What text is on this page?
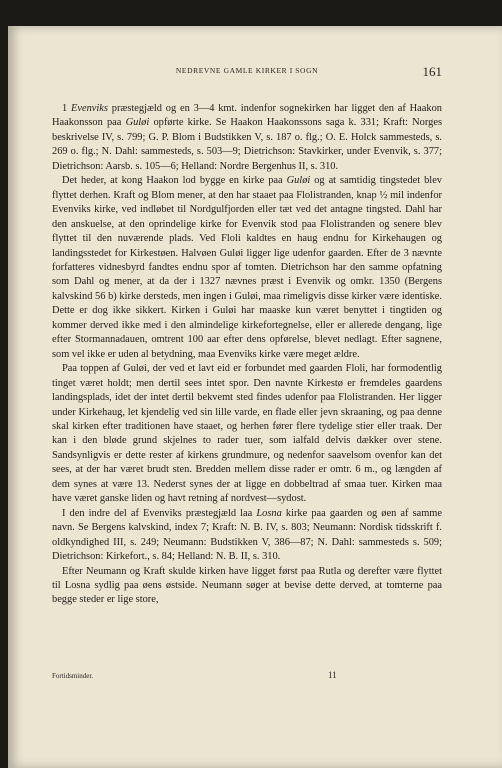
NEDREVNE GAMLE KIRKER I SOGN	161

1 Evenviks præstegjæld og en 3—4 kmt. indenfor sognekirken har ligget den af Haakon Haakonsson paa Guløi opførte kirke. Se Haakon Haakonssons saga k. 331; Kraft: Norges beskrivelse IV, s. 799; G. P. Blom i Budstikken V, s. 187 o. flg.; O. E. Holck sammesteds, s. 269 o. flg.; N. Dahl: sammesteds, s. 503—9; Dietrichson: Stavkirker, under Evenvik, s. 377; Dietrichson: Aarsb. s. 105—6; Helland: Nordre Bergenhus II, s. 310.

Det heder, at kong Haakon lod bygge en kirke paa Guløi og at samtidig tingstedet blev flyttet derhen. Kraft og Blom mener, at den har staaet paa Flolistranden, knap ½ mil indenfor Evenviks kirke, ved indløbet til Nordgulfjorden eller tæt ved det antagne tingsted. Dahl har den anskuelse, at den oprindelige kirke for Evenvik stod paa Flolistranden og senere blev flyttet til den nuværende plads. Ved Floli kaldtes en haug endnu for Kirkehaugen og landingsstedet for Kirkestøen. Halvøen Guløi ligger lige udenfor gaarden. Efter de 3 nævnte forfatteres vidnesbyrd fandtes endnu spor af tomten. Dietrichson har den samme opfatning som Dahl og mener, at da der i 1327 nævnes præst i Evenvik og omkr. 1350 (Bergens kalvskind 56 b) kirke dersteds, men ingen i Guløi, maa rimeligvis disse kirker være identiske. Dette er dog ikke sikkert. Kirken i Guløi har maaske kun været benyttet i tingtiden og kommer derved ikke med i den almindelige kirkefortegnelse, eller er allerede dengang, lige efter Stormannadauen, omtrent 100 aar efter dens opførelse, blevet nedlagt. Efter sagnene, som vel ikke er uden al betydning, maa Evenviks kirke være meget ældre.

Paa toppen af Guløi, der ved et lavt eid er forbundet med gaarden Floli, har formodentlig tinget været holdt; men dertil sees intet spor. Den navnte Kirkestø er fremdeles gaardens landingsplads, idet der intet dertil bekvemt sted findes udenfor paa Flolistranden. Her ligger under Kirkehaug, let kjendelig ved sin lille varde, en flade eller jevn skraaning, og paa denne skal kirken efter traditionen have staaet, og herhen fører flere tydelige stier eller traak. Der kan i den bløde grund skjelnes to rader tuer, som ialfald delvis dækker over stene. Sandsynligvis er dette rester af kirkens grundmure, og nedenfor saavelsom ovenfor kan det sees, at der har været brudt sten. Bredden mellem disse rader er omtr. 6 m., og længden af dem synes at være 13. Nederst synes der at ligge en dobbeltrad af smaa tuer. Kirken maa have været ganske liden og havt retning af nordvest—sydost.

I den indre del af Evenviks præstegjæld laa Losna kirke paa gaarden og øen af samme navn. Se Bergens kalvskind, index 7; Kraft: N. B. IV, s. 803; Neumann: Nordisk tidsskrift f. oldkyndighed III, s. 249; Neumann: Budstikken V, 386—87; N. Dahl: sammesteds s. 509; Dietrichson: Kirkefort., s. 84; Helland: N. B. II, s. 310.

Efter Neumann og Kraft skulde kirken have ligget først paa Rutla og derefter være flyttet til Losna sydlig paa øens østside. Neumann søger at bevise dette derved, at tomterne paa begge steder er lige store,

Fortidsminder.	11
